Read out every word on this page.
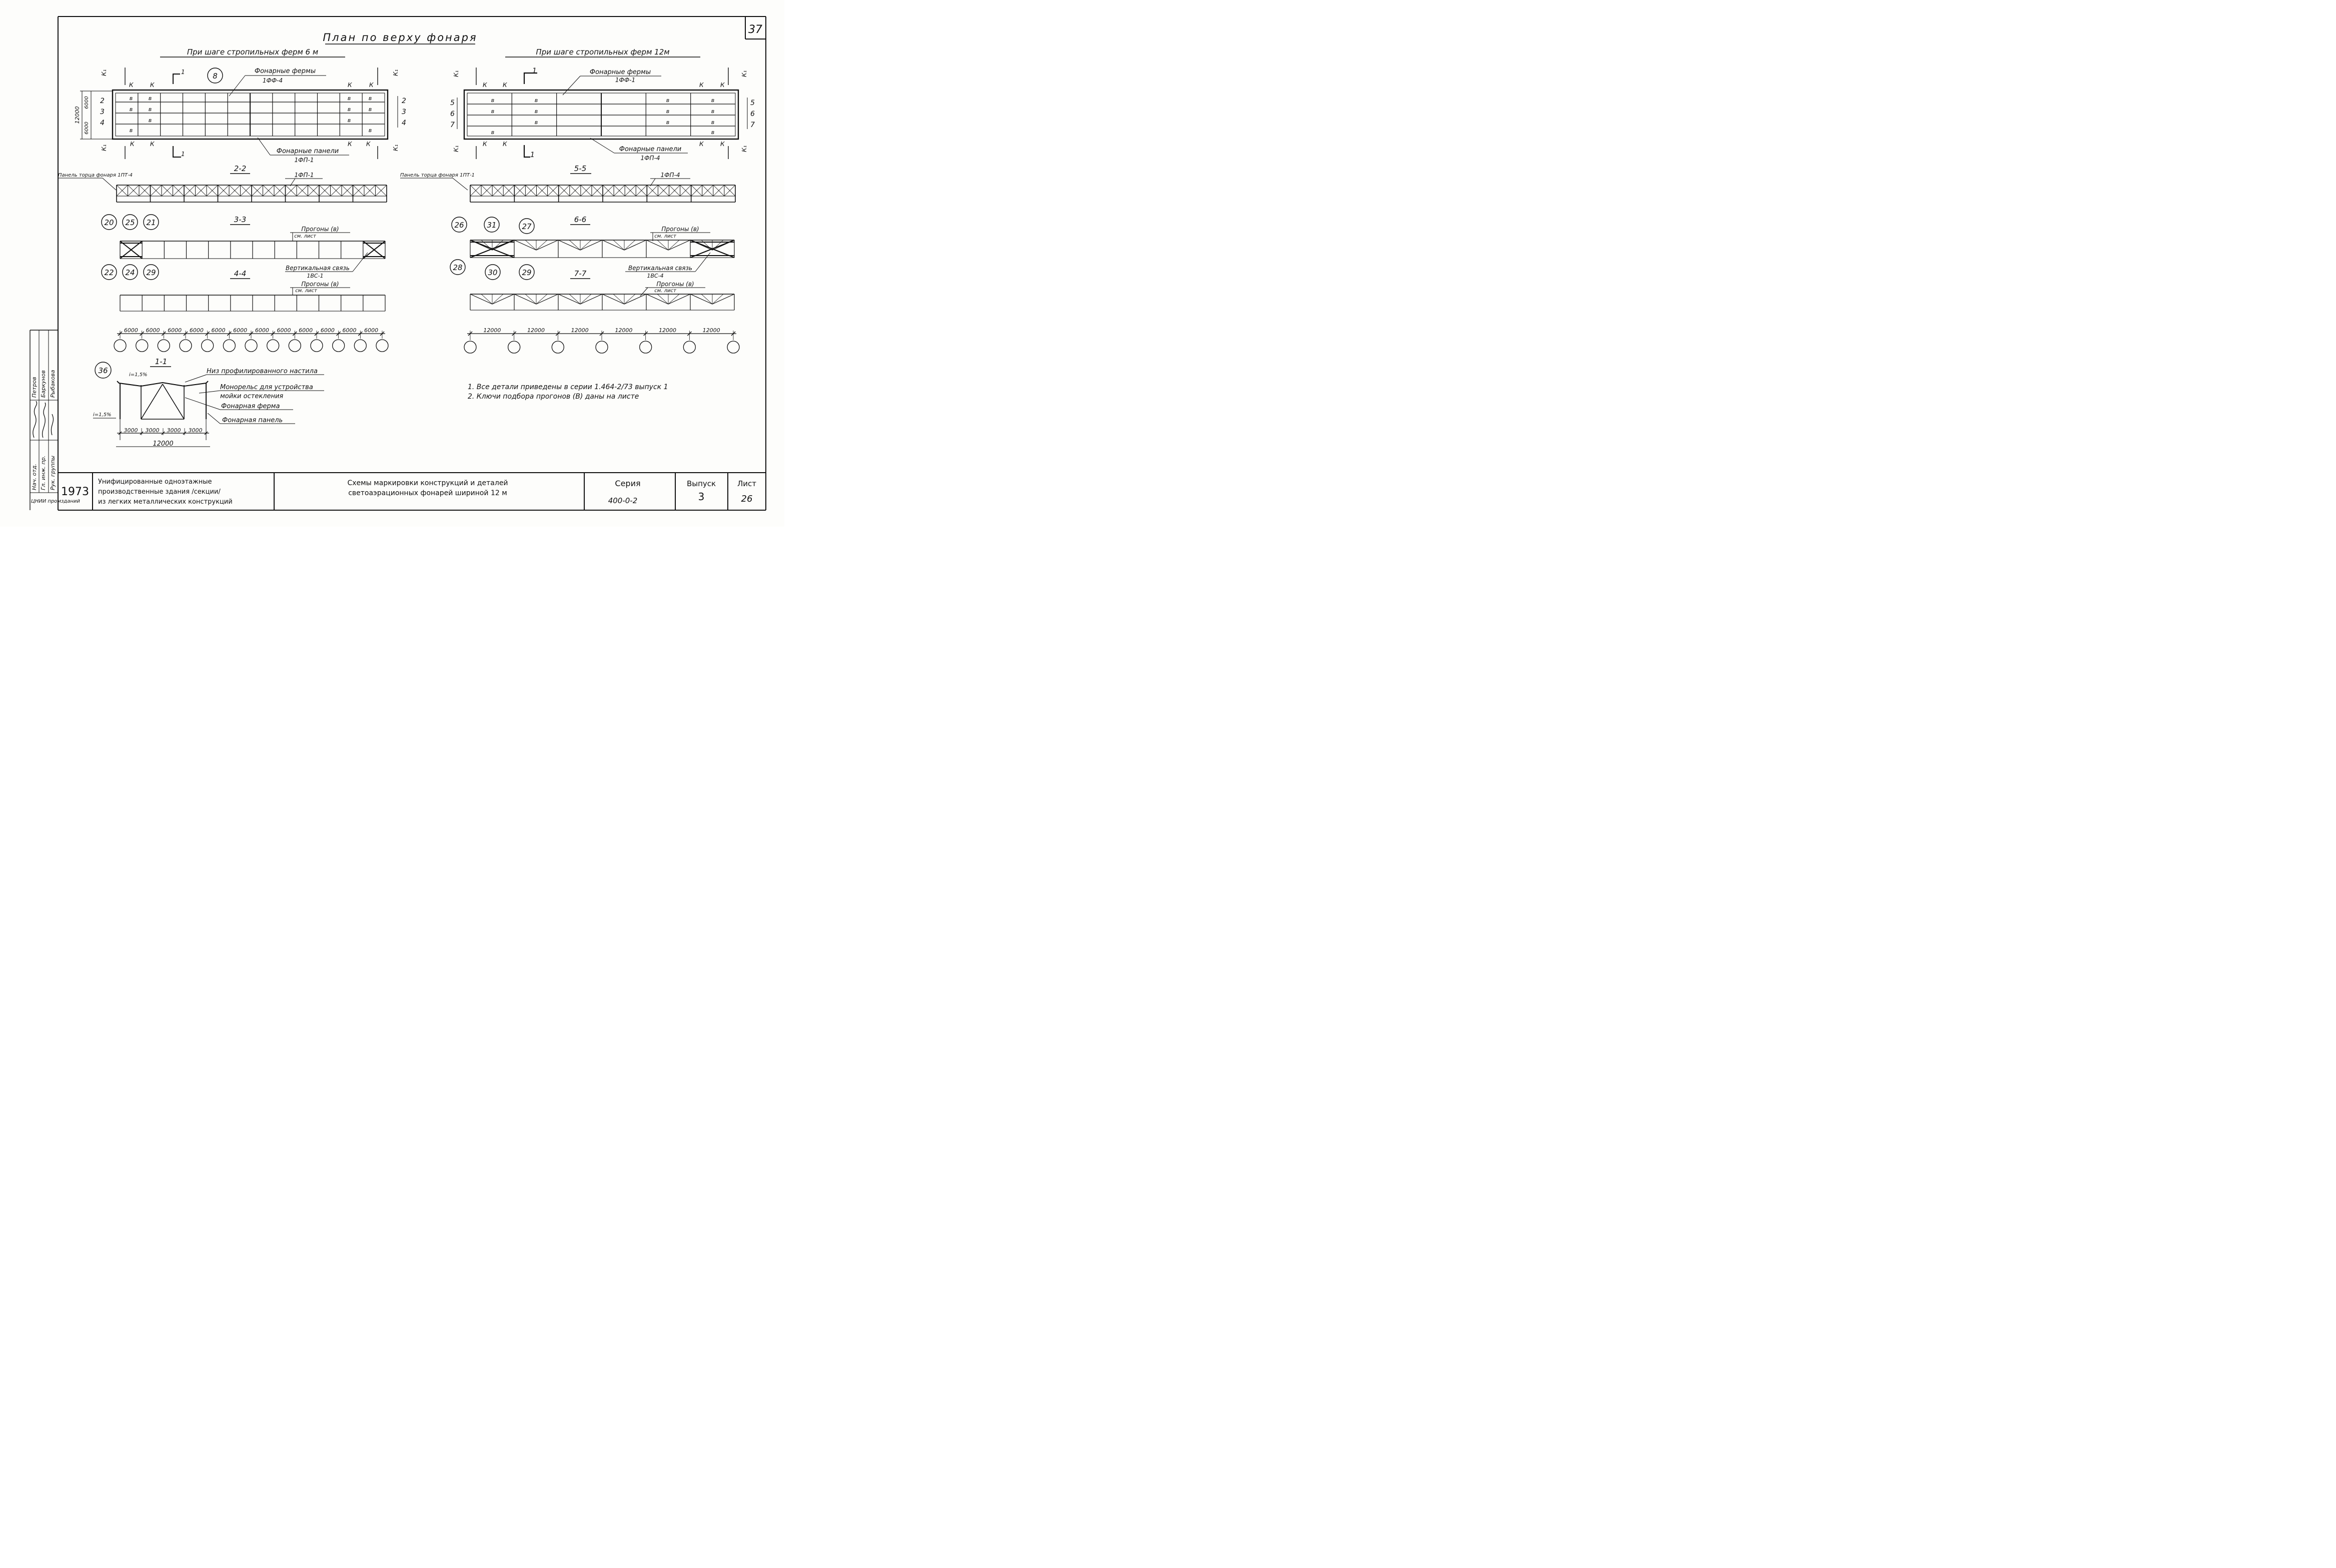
37
План по верху фонаря
При шаге стропильных ферм 6 м	При шаге стропильных ферм 12м
12000
6000
6000
2
3
4
2
3
4
К	К	К	К
К	К	К К
К₁
К₁
К₁
К₁
в	в
в	в
в
в
в	в
в	в
в
в
1
1
8
Фонарные фермы
1ФФ-4
Фонарные панели
1ФП-1
5
6
7
5
6
7
К	К	К	К
К	К	К	К
К₁
К₁
К₁
К₁
в	в
в
в
в
в
в
в
в
в
в
в	в
1
1
Фонарные фермы
1ФФ-1
Фонарные панели
1ФП-4
2-2
Панель торца фонаря 1ПТ-4	1ФП-1
5-5
Панель торца фонаря 1ПТ-1	1ФП-4
3-3
Прогоны (в)
см. лист
Вертикальная связь
1ВС-1
20 25 21
22 24 29
6-6
Прогоны (в)
см. лист
Вертикальная связь
1ВС-4
26	31	27
28
30	29
4-4
Прогоны (в)
см. лист
7-7
Прогоны (в)
см. лист
6000 6000 6000 6000 6000 6000 6000 6000 6000 6000 6000 6000	12000	12000	12000	12000	12000	12000
1-1
36	i=1,5%
i=1,5%
3000 3000 3000 3000
12000
Низ профилированного настила
Монорельс для устройства
мойки остекления
Фонарная ферма
Фонарная панель
1. Все детали приведены в серии 1.464-2/73 выпуск 1
2. Ключи подбора прогонов (В) даны на листе
Нач. отд. Гл. инж. пр. Рук. группы
Петров Баркунов Рыбакова
ЦНИИ промзданий
1973
Унифицированные одноэтажные
производственные здания /секции/
из легких металлических конструкций
Схемы маркировки конструкций и деталей
светоаэрационных фонарей шириной 12 м
Серия
400-0-2
Выпуск
3
Лист
26
